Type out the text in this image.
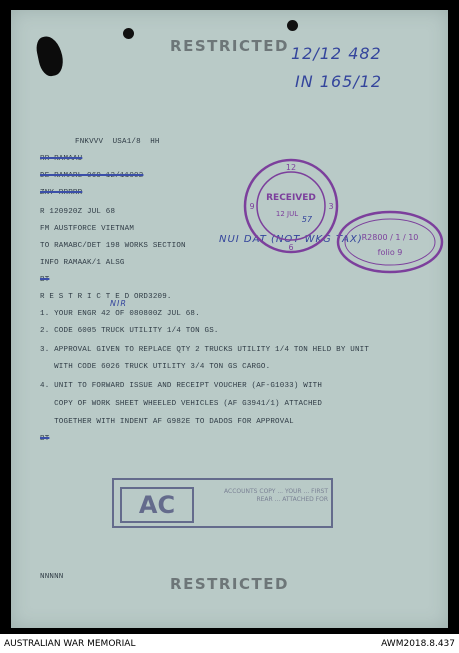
RESTRICTED 12/12 482
IN 165/12
FNKVVV  USA1/8  HH
RR RAMAAU
DE RAMARL 069 12/11002
ZNY RRRRR
R 120920Z JUL 68
FM AUSTFORCE VIETNAM
TO RAMABC/DET 198 WORKS SECTION
INFO RAMAAK/1 ALSG
BT
R E S T R I C T E D ORD3209.
1. YOUR ENGR 42 OF 080800Z JUL 68.
2. CODE 6005 TRUCK UTILITY 1/4 TON GS.
3. APPROVAL GIVEN TO REPLACE QTY 2 TRUCKS UTILITY 1/4 TON HELD BY UNIT
WITH CODE 6026 TRUCK UTILITY 3/4 TON GS CARGO.
4. UNIT TO FORWARD ISSUE AND RECEIPT VOUCHER (AF-G1033) WITH
COPY OF WORK SHEET WHEELED VEHICLES (AF G3941/1) ATTACHED
TOGETHER WITH INDENT AF G982E TO DADOS FOR APPROVAL
BT
NNNNN
NIR
NUI DAT (NOT WKG TAX)
12
3
6
9
RECEIVED
12 JUL
57
R2800 / 1 / 10
folio 9
AC	ACCOUNTS COPY ... YOUR ... FIRST REAR ... ATTACHED FOR
RESTRICTED
AUSTRALIAN WAR MEMORIAL	AWM2018.8.437
